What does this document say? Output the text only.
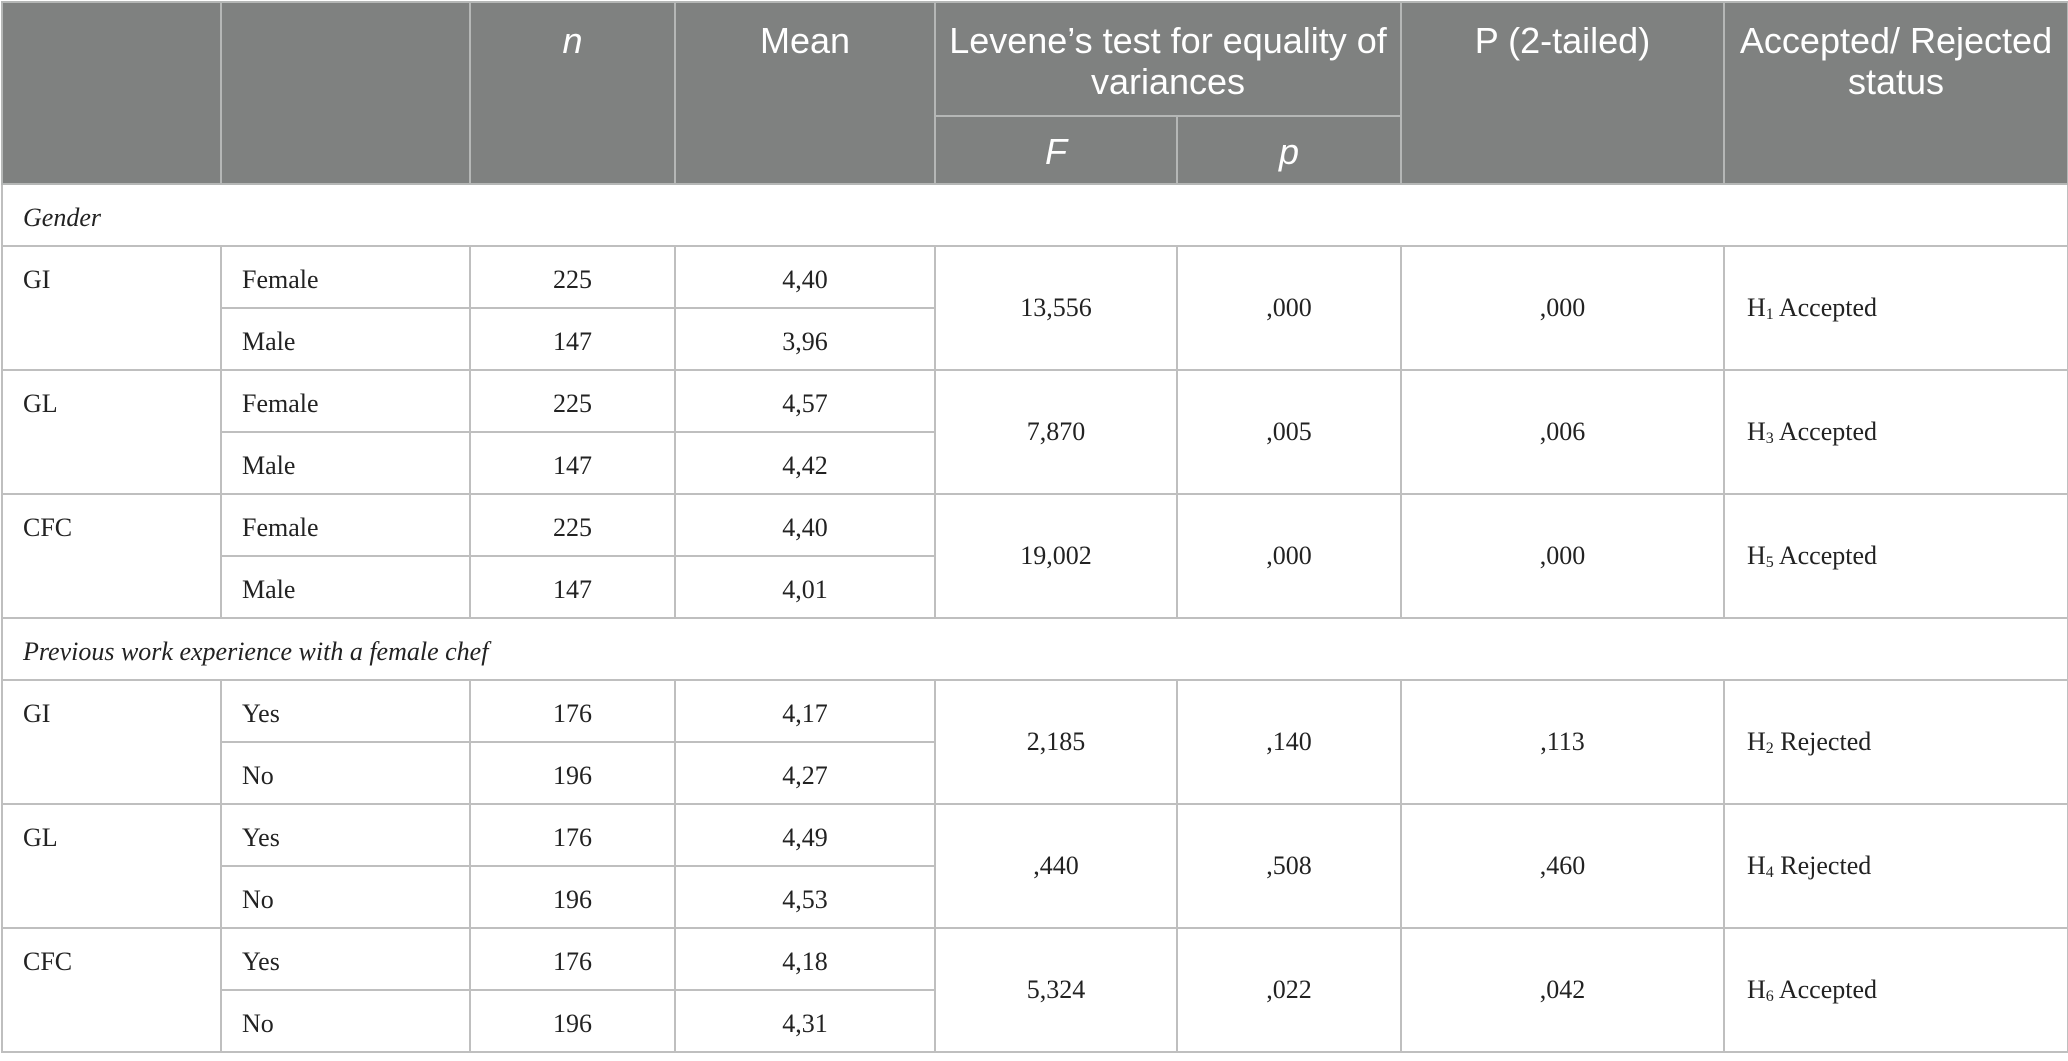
		n	Mean	Levene’s test for equality of variances		P (2-tailed)	Accepted/ Rejected status
				F	p		
Gender							
GI	Female	225	4,40	13,556	,000	,000	$H_1$ Accepted
	Male	147	3,96				
GL	Female	225	4,57	7,870	,005	,006	$H_3$ Accepted
	Male	147	4,42				
CFC	Female	225	4,40	19,002	,000	,000	$H_5$ Accepted
	Male	147	4,01				
Previous work experience with a female chef							
GI	Yes	176	4,17	2,185	,140	,113	$H_2$ Rejected
	No	196	4,27				
GL	Yes	176	4,49	,440	,508	,460	$H_4$ Rejected
	No	196	4,53				
CFC	Yes	176	4,18	5,324	,022	,042	$H_6$ Accepted
	No	196	4,31				
